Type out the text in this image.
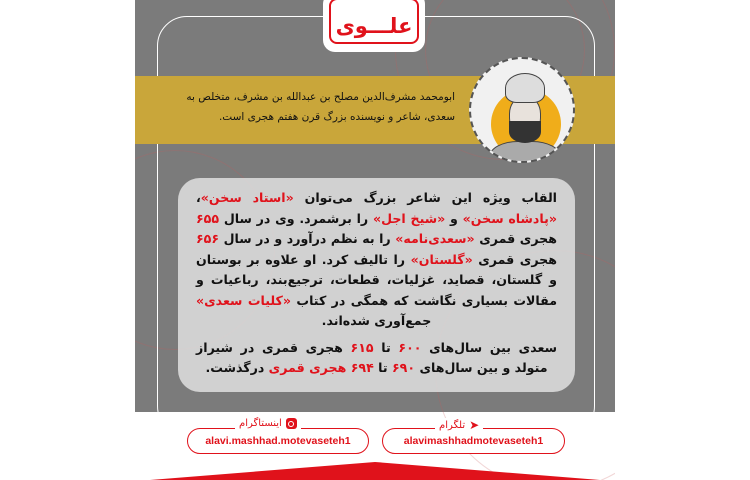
علـــوی
ابومحمد مشرف‌الدین مصلح بن عبدالله بن مشرف، متخلص به سعدی، شاعر و نویسنده بزرگ قرن هفتم هجری است.

القاب ویژه این شاعر بزرگ می‌توان «استاد سخن»، «پادشاه سخن» و «شیخ اجل» را برشمرد. وی در سال ۶۵۵ هجری قمری «سعدی‌نامه» را به نظم درآورد و در سال ۶۵۶ هجری قمری «گلستان» را تالیف کرد. او علاوه بر بوستان و گلستان، قصاید، غزلیات، قطعات، ترجیع‌بند، رباعیات و مقالات بسیاری نگاشت که همگی در کتاب «کلیات سعدی» جمع‌آوری شده‌اند.

سعدی بین سال‌های ۶۰۰ تا ۶۱۵ هجری قمری در شیراز متولد و بین سال‌های ۶۹۰ تا ۶۹۴ هجری قمری درگذشت.

alavi.mashhad.motevaseteh1
اینستاگرام
alavimashhadmotevaseteh1
➤
تلگرام
